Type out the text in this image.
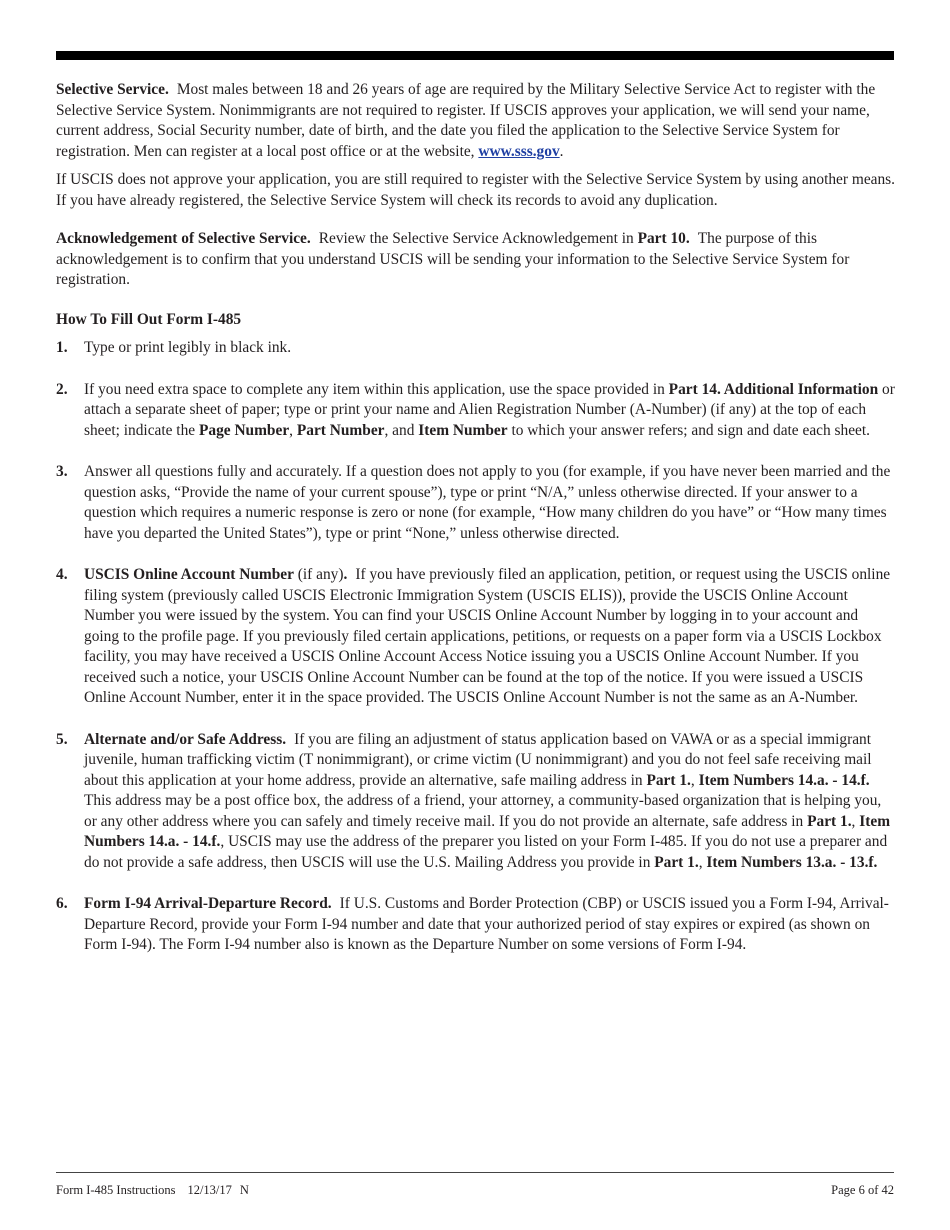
Selective Service. Most males between 18 and 26 years of age are required by the Military Selective Service Act to register with the Selective Service System. Nonimmigrants are not required to register. If USCIS approves your application, we will send your name, current address, Social Security number, date of birth, and the date you filed the application to the Selective Service System for registration. Men can register at a local post office or at the website, www.sss.gov.

If USCIS does not approve your application, you are still required to register with the Selective Service System by using another means. If you have already registered, the Selective Service System will check its records to avoid any duplication.

Acknowledgement of Selective Service. Review the Selective Service Acknowledgement in Part 10. The purpose of this acknowledgement is to confirm that you understand USCIS will be sending your information to the Selective Service System for registration.

How To Fill Out Form I-485

1.	Type or print legibly in black ink.
2.	If you need extra space to complete any item within this application, use the space provided in Part 14. Additional Information or attach a separate sheet of paper; type or print your name and Alien Registration Number (A-Number) (if any) at the top of each sheet; indicate the Page Number, Part Number, and Item Number to which your answer refers; and sign and date each sheet.
3.	Answer all questions fully and accurately. If a question does not apply to you (for example, if you have never been married and the question asks, “Provide the name of your current spouse”), type or print “N/A,” unless otherwise directed. If your answer to a question which requires a numeric response is zero or none (for example, “How many children do you have” or “How many times have you departed the United States”), type or print “None,” unless otherwise directed.
4.	USCIS Online Account Number (if any). If you have previously filed an application, petition, or request using the USCIS online filing system (previously called USCIS Electronic Immigration System (USCIS ELIS)), provide the USCIS Online Account Number you were issued by the system. You can find your USCIS Online Account Number by logging in to your account and going to the profile page. If you previously filed certain applications, petitions, or requests on a paper form via a USCIS Lockbox facility, you may have received a USCIS Online Account Access Notice issuing you a USCIS Online Account Number. If you received such a notice, your USCIS Online Account Number can be found at the top of the notice. If you were issued a USCIS Online Account Number, enter it in the space provided. The USCIS Online Account Number is not the same as an A-Number.
5.	Alternate and/or Safe Address. If you are filing an adjustment of status application based on VAWA or as a special immigrant juvenile, human trafficking victim (T nonimmigrant), or crime victim (U nonimmigrant) and you do not feel safe receiving mail about this application at your home address, provide an alternative, safe mailing address in Part 1., Item Numbers 14.a. - 14.f. This address may be a post office box, the address of a friend, your attorney, a community-based organization that is helping you, or any other address where you can safely and timely receive mail. If you do not provide an alternate, safe address in Part 1., Item Numbers 14.a. - 14.f., USCIS may use the address of the preparer you listed on your Form I-485. If you do not use a preparer and do not provide a safe address, then USCIS will use the U.S. Mailing Address you provide in Part 1., Item Numbers 13.a. - 13.f.
6.	Form I-94 Arrival-Departure Record. If U.S. Customs and Border Protection (CBP) or USCIS issued you a Form I-94, Arrival-Departure Record, provide your Form I-94 number and date that your authorized period of stay expires or expired (as shown on Form I-94). The Form I-94 number also is known as the Departure Number on some versions of Form I-94.
Form I-485 Instructions 12/13/17 N	Page 6 of 42
